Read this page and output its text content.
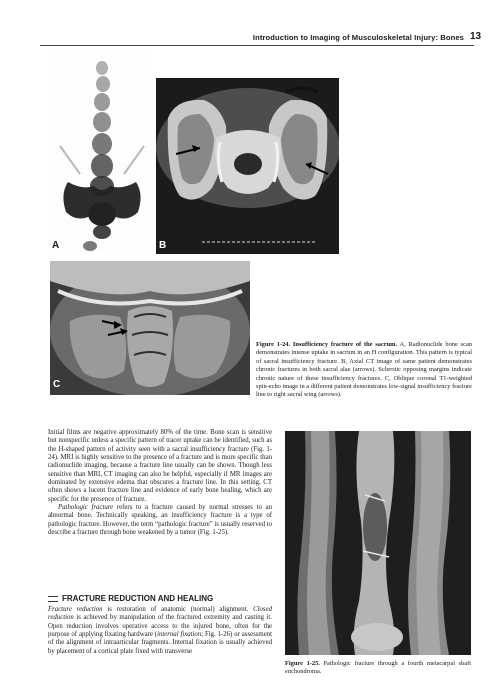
Introduction to Imaging of Musculoskeletal Injury: Bones 13
A	B
C
Figure 1-24. Insufficiency fracture of the sacrum. A, Radionuclide bone scan demonstrates intense uptake in sacrum in an H configuration. This pattern is typical of sacral insufficiency fracture. B, Axial CT image of same patient demonstrates chronic fractures in both sacral alae (arrows). Sclerotic opposing margins indicate chronic nature of these insufficiency fractures. C, Oblique coronal T1-weighted spin-echo image in a different patient demonstrates low-signal insufficiency fracture line to right sacral wing (arrows).
Figure 1-25. Pathologic fracture through a fourth metacarpal shaft enchondroma.

Initial films are negative approximately 80% of the time. Bone scan is sensitive but nonspecific unless a specific pattern of tracer uptake can be identified, such as the H-shaped pattern of activity seen with a sacral insufficiency fracture (Fig. 1-24). MRI is highly sensitive to the presence of a fracture and is more specific than radionuclide imaging, because a fracture line usually can be shown. Though less sensitive than MRI, CT imaging can also be helpful, especially if MR images are dominated by extensive edema that obscures a fracture line. In this setting, CT often shows a lucent fracture line and evidence of early bone healing, which are specific for the presence of fracture.

Pathologic fracture refers to a fracture caused by normal stresses to an abnormal bone. Technically speaking, an insufficiency fracture is a type of pathologic fracture. However, the term “pathologic fracture” is usually reserved to describe a fracture through bone weakened by a tumor (Fig. 1-25).

FRACTURE REDUCTION AND HEALING

Fracture reduction is restoration of anatomic (normal) alignment. Closed reduction is achieved by manipulation of the fractured extremity and casting it. Open reduction involves operative access to the injured bone, often for the purpose of applying fixating hardware (internal fixation; Fig. 1-26) or assessment of the alignment of intraarticular fragments. Internal fixation is usually achieved by placement of a cortical plate fixed with transverse
